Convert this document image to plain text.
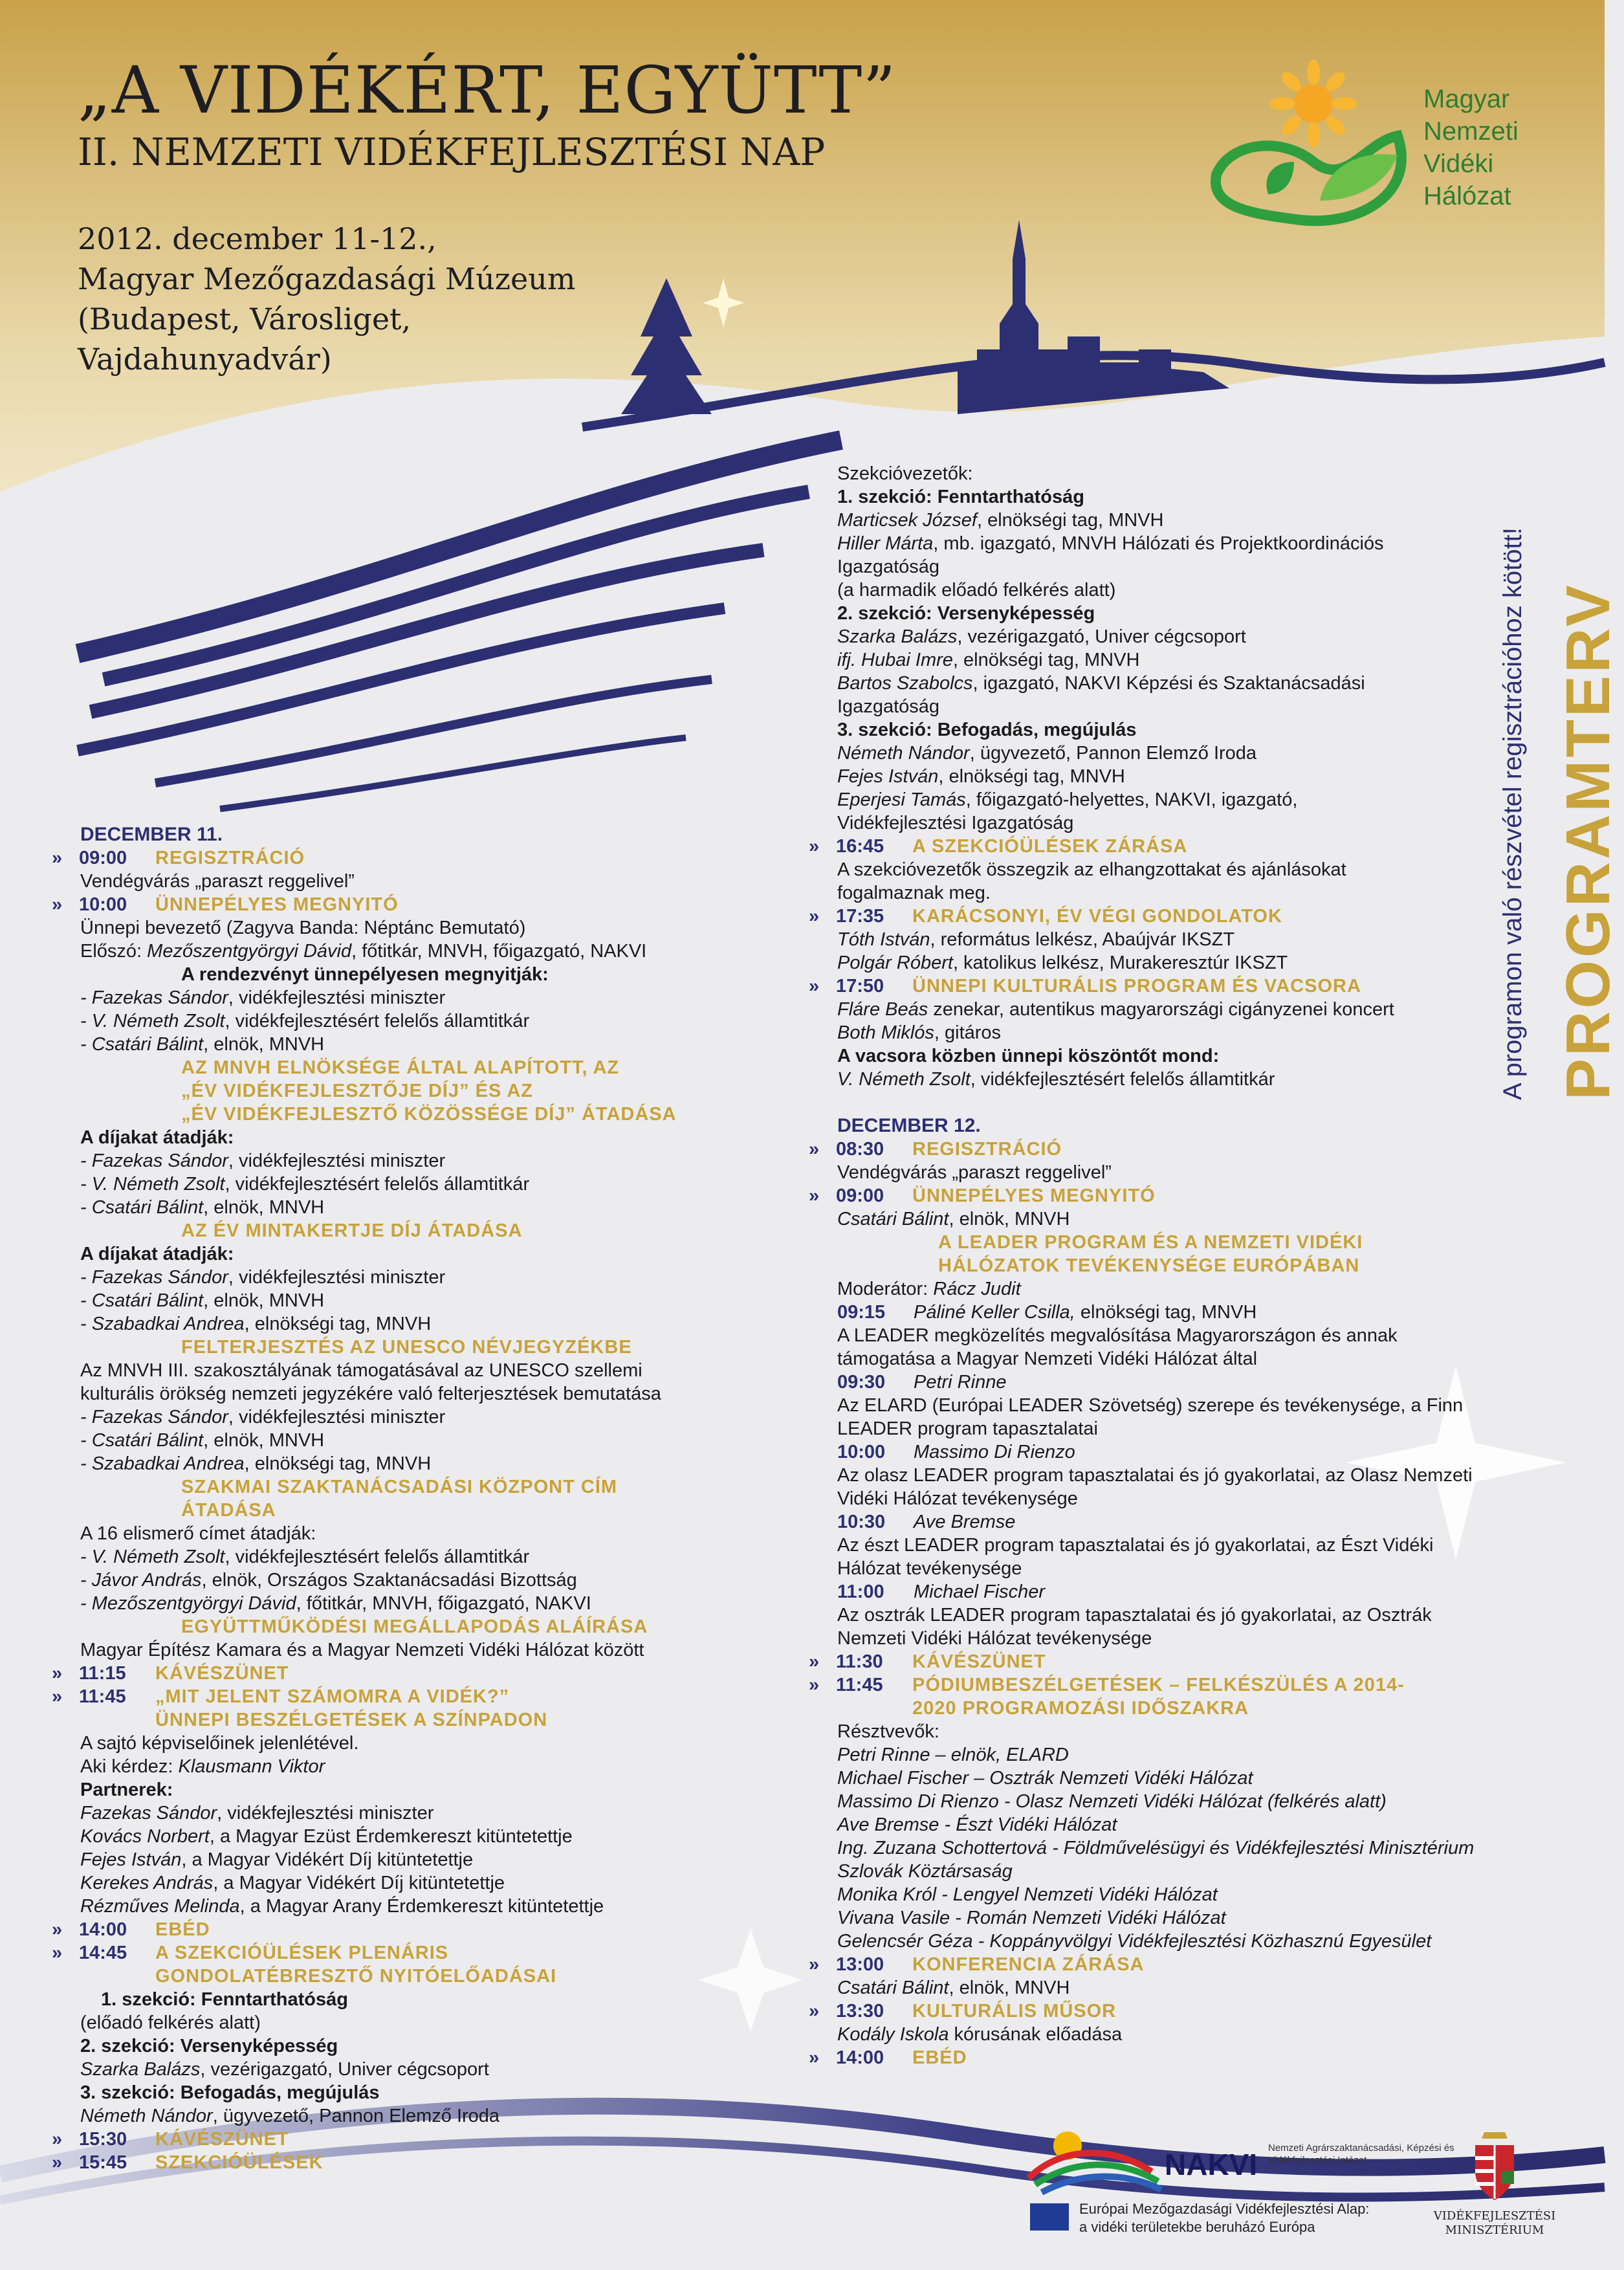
„A VIDÉKÉRT, EGYÜTT”
II. NEMZETI VIDÉKFEJLESZTÉSI NAP
2012. december 11-12.,
Magyar Mezőgazdasági Múzeum
(Budapest, Városliget,
Vajdahunyadvár)
Magyar
Nemzeti
Vidéki
Hálózat
PROGRAMTERV
A programon való részvétel regisztrációhoz kötött!
DECEMBER 11.
» 09:00	REGISZTRÁCIÓ
Vendégvárás „paraszt reggelivel”
» 10:00	ÜNNEPÉLYES MEGNYITÓ
Ünnepi bevezető (Zagyva Banda: Néptánc Bemutató)
Előszó: Mezőszentgyörgyi Dávid, főtitkár, MNVH, főigazgató, NAKVI
A rendezvényt ünnepélyesen megnyitják:
- Fazekas Sándor, vidékfejlesztési miniszter
- V. Németh Zsolt, vidékfejlesztésért felelős államtitkár
- Csatári Bálint, elnök, MNVH
AZ MNVH ELNÖKSÉGE ÁLTAL ALAPÍTOTT, AZ
„ÉV VIDÉKFEJLESZTŐJE DÍJ” ÉS AZ
„ÉV VIDÉKFEJLESZTŐ KÖZÖSSÉGE DÍJ” ÁTADÁSA
A díjakat átadják:
- Fazekas Sándor, vidékfejlesztési miniszter
- V. Németh Zsolt, vidékfejlesztésért felelős államtitkár
- Csatári Bálint, elnök, MNVH
AZ ÉV MINTAKERTJE DÍJ ÁTADÁSA
A díjakat átadják:
- Fazekas Sándor, vidékfejlesztési miniszter
- Csatári Bálint, elnök, MNVH
- Szabadkai Andrea, elnökségi tag, MNVH
FELTERJESZTÉS AZ UNESCO NÉVJEGYZÉKBE
Az MNVH III. szakosztályának támogatásával az UNESCO szellemi
kulturális örökség nemzeti jegyzékére való felterjesztések bemutatása
- Fazekas Sándor, vidékfejlesztési miniszter
- Csatári Bálint, elnök, MNVH
- Szabadkai Andrea, elnökségi tag, MNVH
SZAKMAI SZAKTANÁCSADÁSI KÖZPONT CÍM
ÁTADÁSA
A 16 elismerő címet átadják:
- V. Németh Zsolt, vidékfejlesztésért felelős államtitkár
- Jávor András, elnök, Országos Szaktanácsadási Bizottság
- Mezőszentgyörgyi Dávid, főtitkár, MNVH, főigazgató, NAKVI
EGYÜTTMŰKÖDÉSI MEGÁLLAPODÁS ALÁÍRÁSA
Magyar Építész Kamara és a Magyar Nemzeti Vidéki Hálózat között
» 11:15	KÁVÉSZÜNET
» 11:45	„MIT JELENT SZÁMOMRA A VIDÉK?”
ÜNNEPI BESZÉLGETÉSEK A SZÍNPADON
A sajtó képviselőinek jelenlétével.
Aki kérdez: Klausmann Viktor
Partnerek:
Fazekas Sándor, vidékfejlesztési miniszter
Kovács Norbert, a Magyar Ezüst Érdemkereszt kitüntetettje
Fejes István, a Magyar Vidékért Díj kitüntetettje
Kerekes András, a Magyar Vidékért Díj kitüntetettje
Rézműves Melinda, a Magyar Arany Érdemkereszt kitüntetettje
» 14:00	EBÉD
» 14:45	A SZEKCIÓÜLÉSEK PLENÁRIS
GONDOLATÉBRESZTŐ NYITÓELŐADÁSAI
1. szekció: Fenntarthatóság
(előadó felkérés alatt)
2. szekció: Versenyképesség
Szarka Balázs, vezérigazgató, Univer cégcsoport
3. szekció: Befogadás, megújulás
Németh Nándor, ügyvezető, Pannon Elemző Iroda
» 15:30	KÁVÉSZÜNET
» 15:45	SZEKCIÓÜLÉSEK
Szekcióvezetők:
1. szekció: Fenntarthatóság
Marticsek József, elnökségi tag, MNVH
Hiller Márta, mb. igazgató, MNVH Hálózati és Projektkoordinációs
Igazgatóság
(a harmadik előadó felkérés alatt)
2. szekció: Versenyképesség
Szarka Balázs, vezérigazgató, Univer cégcsoport
ifj. Hubai Imre, elnökségi tag, MNVH
Bartos Szabolcs, igazgató, NAKVI Képzési és Szaktanácsadási
Igazgatóság
3. szekció: Befogadás, megújulás
Németh Nándor, ügyvezető, Pannon Elemző Iroda
Fejes István, elnökségi tag, MNVH
Eperjesi Tamás, főigazgató-helyettes, NAKVI, igazgató,
Vidékfejlesztési Igazgatóság
» 16:45	A SZEKCIÓÜLÉSEK ZÁRÁSA
A szekcióvezetők összegzik az elhangzottakat és ajánlásokat
fogalmaznak meg.
» 17:35	KARÁCSONYI, ÉV VÉGI GONDOLATOK
Tóth István, református lelkész, Abaújvár IKSZT
Polgár Róbert, katolikus lelkész, Murakeresztúr IKSZT
» 17:50	ÜNNEPI KULTURÁLIS PROGRAM ÉS VACSORA
Fláre Beás zenekar, autentikus magyarországi cigányzenei koncert
Both Miklós, gitáros
A vacsora közben ünnepi köszöntőt mond:
V. Németh Zsolt, vidékfejlesztésért felelős államtitkár
DECEMBER 12.
» 08:30	REGISZTRÁCIÓ
Vendégvárás „paraszt reggelivel”
» 09:00	ÜNNEPÉLYES MEGNYITÓ
Csatári Bálint, elnök, MNVH
A LEADER PROGRAM ÉS A NEMZETI VIDÉKI
HÁLÓZATOK TEVÉKENYSÉGE EURÓPÁBAN
Moderátor: Rácz Judit
09:15 Páliné Keller Csilla, elnökségi tag, MNVH
A LEADER megközelítés megvalósítása Magyarországon és annak
támogatása a Magyar Nemzeti Vidéki Hálózat által
09:30 Petri Rinne
Az ELARD (Európai LEADER Szövetség) szerepe és tevékenysége, a Finn
LEADER program tapasztalatai
10:00 Massimo Di Rienzo
Az olasz LEADER program tapasztalatai és jó gyakorlatai, az Olasz Nemzeti
Vidéki Hálózat tevékenysége
10:30 Ave Bremse
Az észt LEADER program tapasztalatai és jó gyakorlatai, az Észt Vidéki
Hálózat tevékenysége
11:00 Michael Fischer
Az osztrák LEADER program tapasztalatai és jó gyakorlatai, az Osztrák
Nemzeti Vidéki Hálózat tevékenysége
» 11:30	KÁVÉSZÜNET
» 11:45	PÓDIUMBESZÉLGETÉSEK – FELKÉSZÜLÉS A 2014-
2020 PROGRAMOZÁSI IDŐSZAKRA
Résztvevők:
Petri Rinne – elnök, ELARD
Michael Fischer – Osztrák Nemzeti Vidéki Hálózat
Massimo Di Rienzo - Olasz Nemzeti Vidéki Hálózat (felkérés alatt)
Ave Bremse - Észt Vidéki Hálózat
Ing. Zuzana Schottertová - Földművelésügyi és Vidékfejlesztési Minisztérium
Szlovák Köztársaság
Monika Król - Lengyel Nemzeti Vidéki Hálózat
Vivana Vasile - Román Nemzeti Vidéki Hálózat
Gelencsér Géza - Koppányvölgyi Vidékfejlesztési Közhasznú Egyesület
» 13:00	KONFERENCIA ZÁRÁSA
Csatári Bálint, elnök, MNVH
» 13:30	KULTURÁLIS MŰSOR
Kodály Iskola kórusának előadása
» 14:00	EBÉD
NAKVI Nemzeti Agrárszaktanácsadási, Képzési és Vidékfejlesztési Intézet
Európai Mezőgazdasági Vidékfejlesztési Alap:
a vidéki területekbe beruházó Európa
VIDÉKFEJLESZTÉSI
MINISZTÉRIUM
